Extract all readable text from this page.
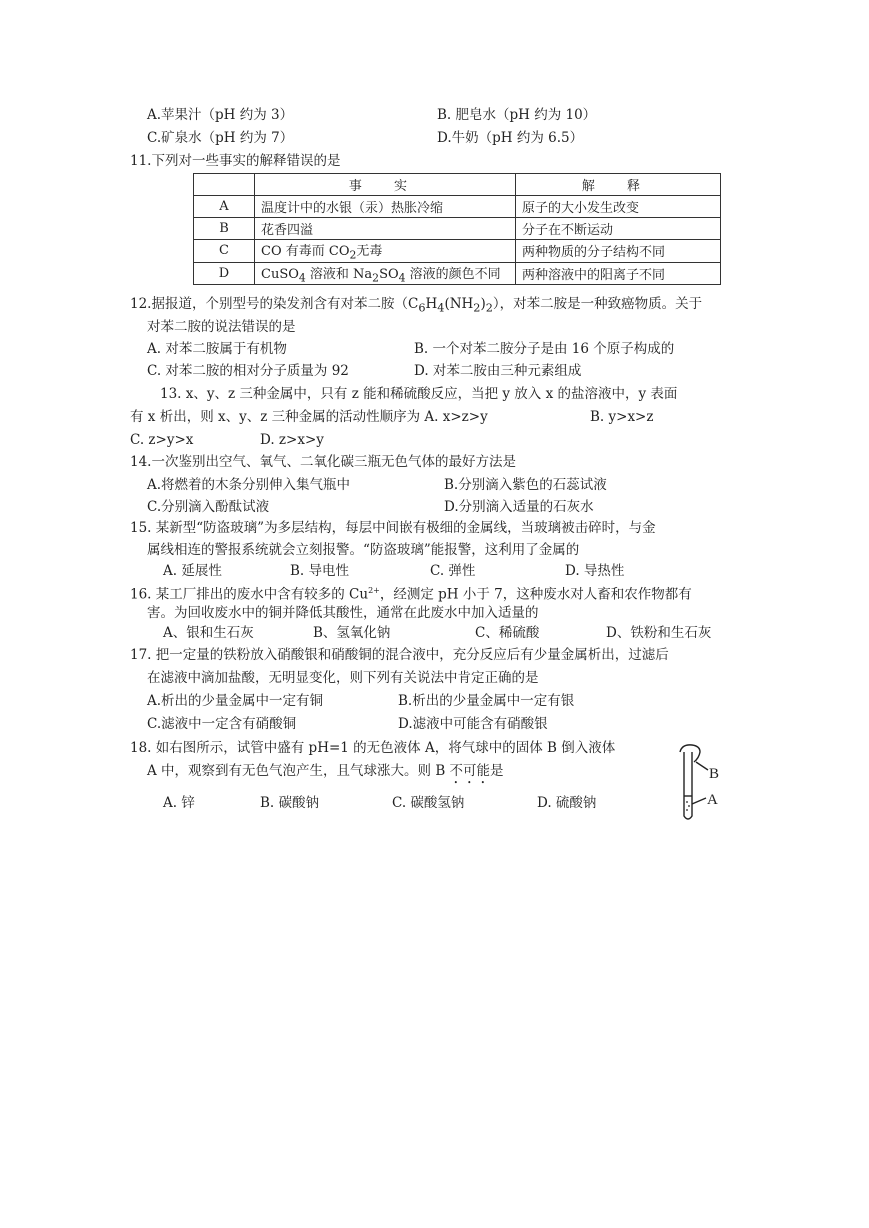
A.苹果汁（pH 约为 3）	B. 肥皂水（pH 约为 10）
C.矿泉水（pH 约为 7）	D.牛奶（pH 约为 6.5）
11.下列对一些事实的解释错误的是
	事 实	解 释
A	温度计中的水银（汞）热胀冷缩	原子的大小发生改变
B	花香四溢	分子在不断运动
C	CO 有毒而 $CO_2$无毒	两种物质的分子结构不同
D	CuSO$_4$ 溶液和 $Na_2SO_4$ 溶液的颜色不同	两种溶液中的阳离子不同
12.据报道，个别型号的染发剂含有对苯二胺$(C_6H_4(NH_2)_2)$，对苯二胺是一种致癌物质。关于
对苯二胺的说法错误的是
A. 对苯二胺属于有机物	B. 一个对苯二胺分子是由 16 个原子构成的
C. 对苯二胺的相对分子质量为 92	D. 对苯二胺由三种元素组成
13. x、y、z 三种金属中，只有 z 能和稀硫酸反应，当把 y 放入 x 的盐溶液中，y 表面
有 x 析出，则 x、y、z 三种金属的活动性顺序为 A. x>z>y	B. y>x>z
C. z>y>x	D. z>x>y
14.一次鉴别出空气、氧气、二氧化碳三瓶无色气体的最好方法是
A.将燃着的木条分别伸入集气瓶中	B.分别滴入紫色的石蕊试液
C.分别滴入酚酞试液	D.分别滴入适量的石灰水
15. 某新型“防盗玻璃”为多层结构，每层中间嵌有极细的金属线，当玻璃被击碎时，与金
属线相连的警报系统就会立刻报警。“防盗玻璃”能报警，这利用了金属的
A. 延展性	B. 导电性	C. 弹性	D. 导热性
16. 某工厂排出的废水中含有较多的 $Cu^{2+}$，经测定 pH 小于 7，这种废水对人畜和农作物都有
害。为回收废水中的铜并降低其酸性，通常在此废水中加入适量的
A、银和生石灰	B、氢氧化钠	C、稀硫酸	D、铁粉和生石灰
17. 把一定量的铁粉放入硝酸银和硝酸铜的混合液中，充分反应后有少量金属析出，过滤后
在滤液中滴加盐酸，无明显变化，则下列有关说法中肯定正确的是
A.析出的少量金属中一定有铜	B.析出的少量金属中一定有银
C.滤液中一定含有硝酸铜	D.滤液中可能含有硝酸银
18. 如右图所示，试管中盛有 pH=1 的无色液体 A，将气球中的固体 B 倒入液体
A 中，观察到有无色气泡产生，且气球涨大。则 B 不可能是
A. 锌	B. 碳酸钠	C. 碳酸氢钠	D. 硫酸钠
B
A
